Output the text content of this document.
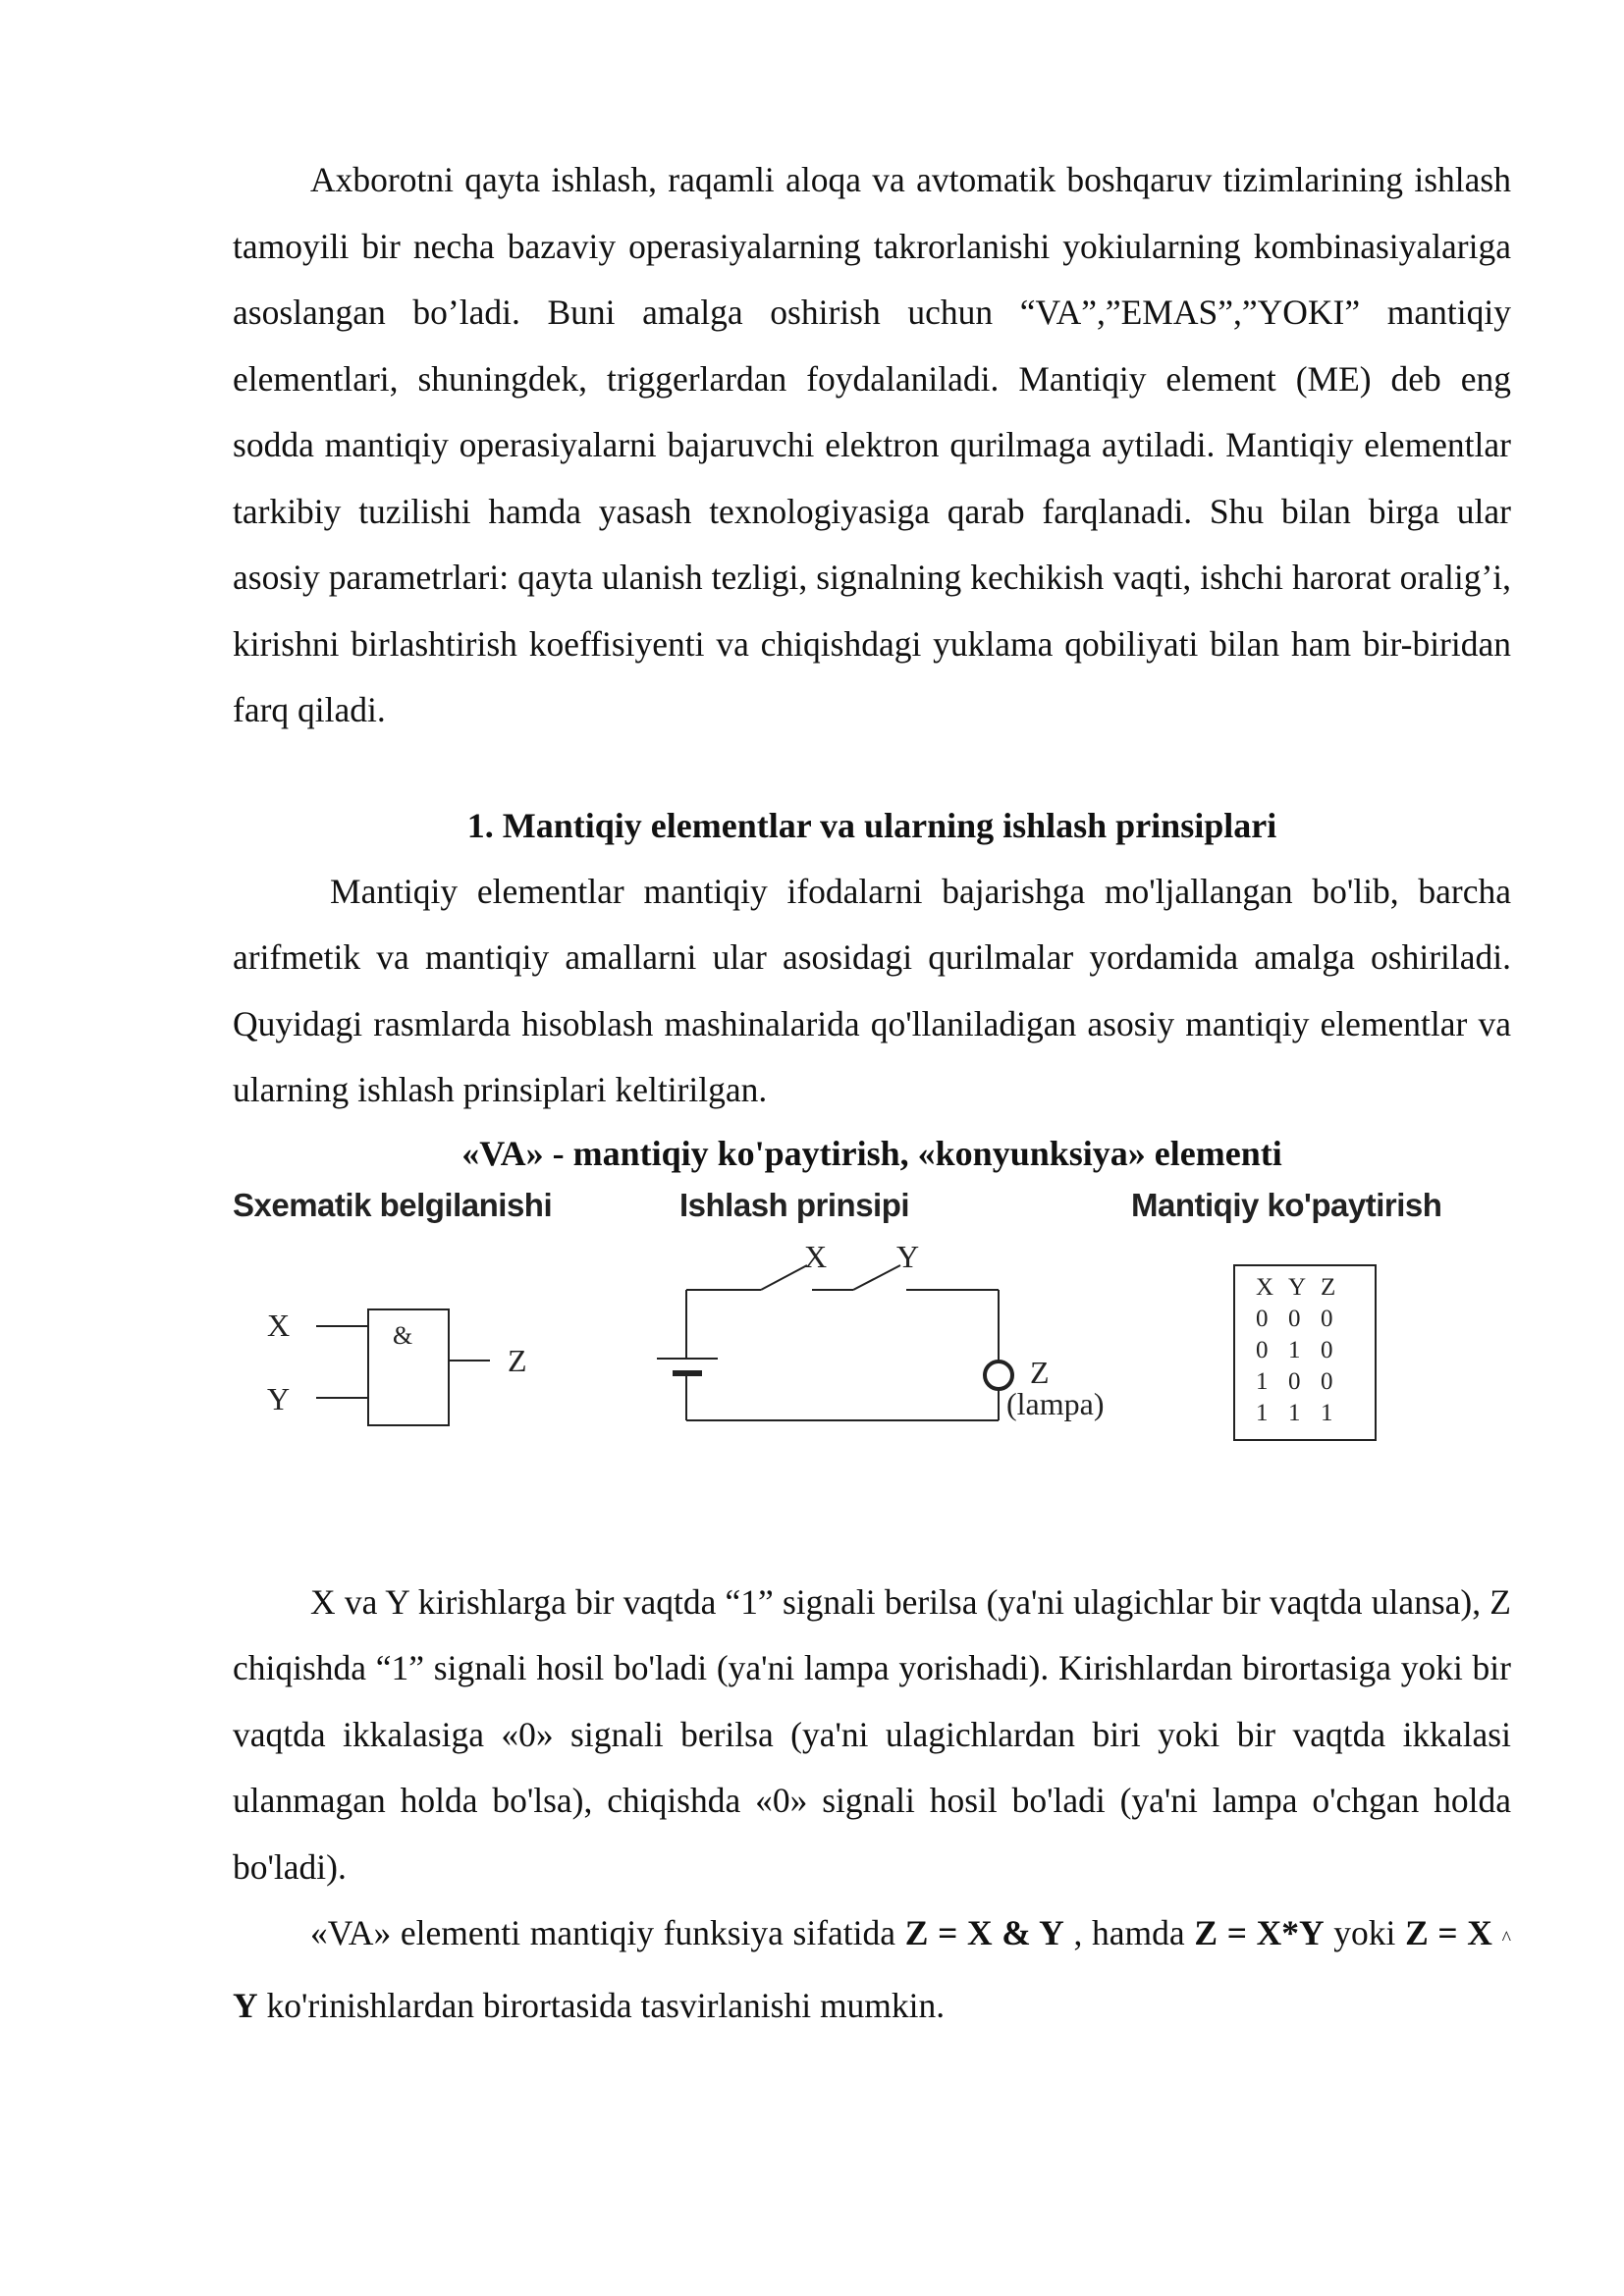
Axborotni qayta ishlash, raqamli aloqa va avtomatik boshqaruv tizimlarining ishlash tamoyili bir necha bazaviy operasiyalarning takrorlanishi yokiularning kombinasiyalariga asoslangan bo’ladi. Buni amalga oshirish uchun “VA”,”EMAS”,”YOKI” mantiqiy elementlari, shuningdek, triggerlardan foydalaniladi. Mantiqiy element (ME) deb eng sodda mantiqiy operasiyalarni bajaruvchi elektron qurilmaga aytiladi. Mantiqiy elementlar tarkibiy tuzilishi hamda yasash texnologiyasiga qarab farqlanadi. Shu bilan birga ular asosiy parametrlari: qayta ulanish tezligi, signalning kechikish vaqti, ishchi harorat oralig’i, kirishni birlashtirish koeffisiyenti va chiqishdagi yuklama qobiliyati bilan ham bir-biridan farq qiladi.

1. Mantiqiy elementlar va ularning ishlash prinsiplari

Mantiqiy elementlar mantiqiy ifodalarni bajarishga mo'ljallangan bo'lib, barcha arifmetik va mantiqiy amallarni ular asosidagi qurilmalar yordamida amalga oshiriladi. Quyidagi rasmlarda hisoblash mashinalarida qo'llaniladigan asosiy mantiqiy elementlar va ularning ishlash prinsiplari keltirilgan.

«VA» - mantiqiy ko'paytirish, «konyunksiya» elementi
Sxematik belgilanishi	Ishlash prinsipi	Mantiqiy ko'paytirish
&
X
Y
Z
X Y
Z
(lampa)
X Y Z
0 0 0
0 1 0
1 0 0
1 1 1

X va Y kirishlarga bir vaqtda “1” signali berilsa (ya'ni ulagichlar bir vaqtda ulansa), Z chiqishda “1” signali hosil bo'ladi (ya'ni lampa yorishadi). Kirishlardan birortasiga yoki bir vaqtda ikkalasiga «0» signali berilsa (ya'ni ulagichlardan biri yoki bir vaqtda ikkalasi ulanmagan holda bo'lsa), chiqishda «0» signali hosil bo'ladi (ya'ni lampa o'chgan holda bo'ladi).

«VA» elementi mantiqiy funksiya sifatida Z = X & Y , hamda Z = X*Y yoki Z = X ^ Y ko'rinishlardan birortasida tasvirlanishi mumkin.
